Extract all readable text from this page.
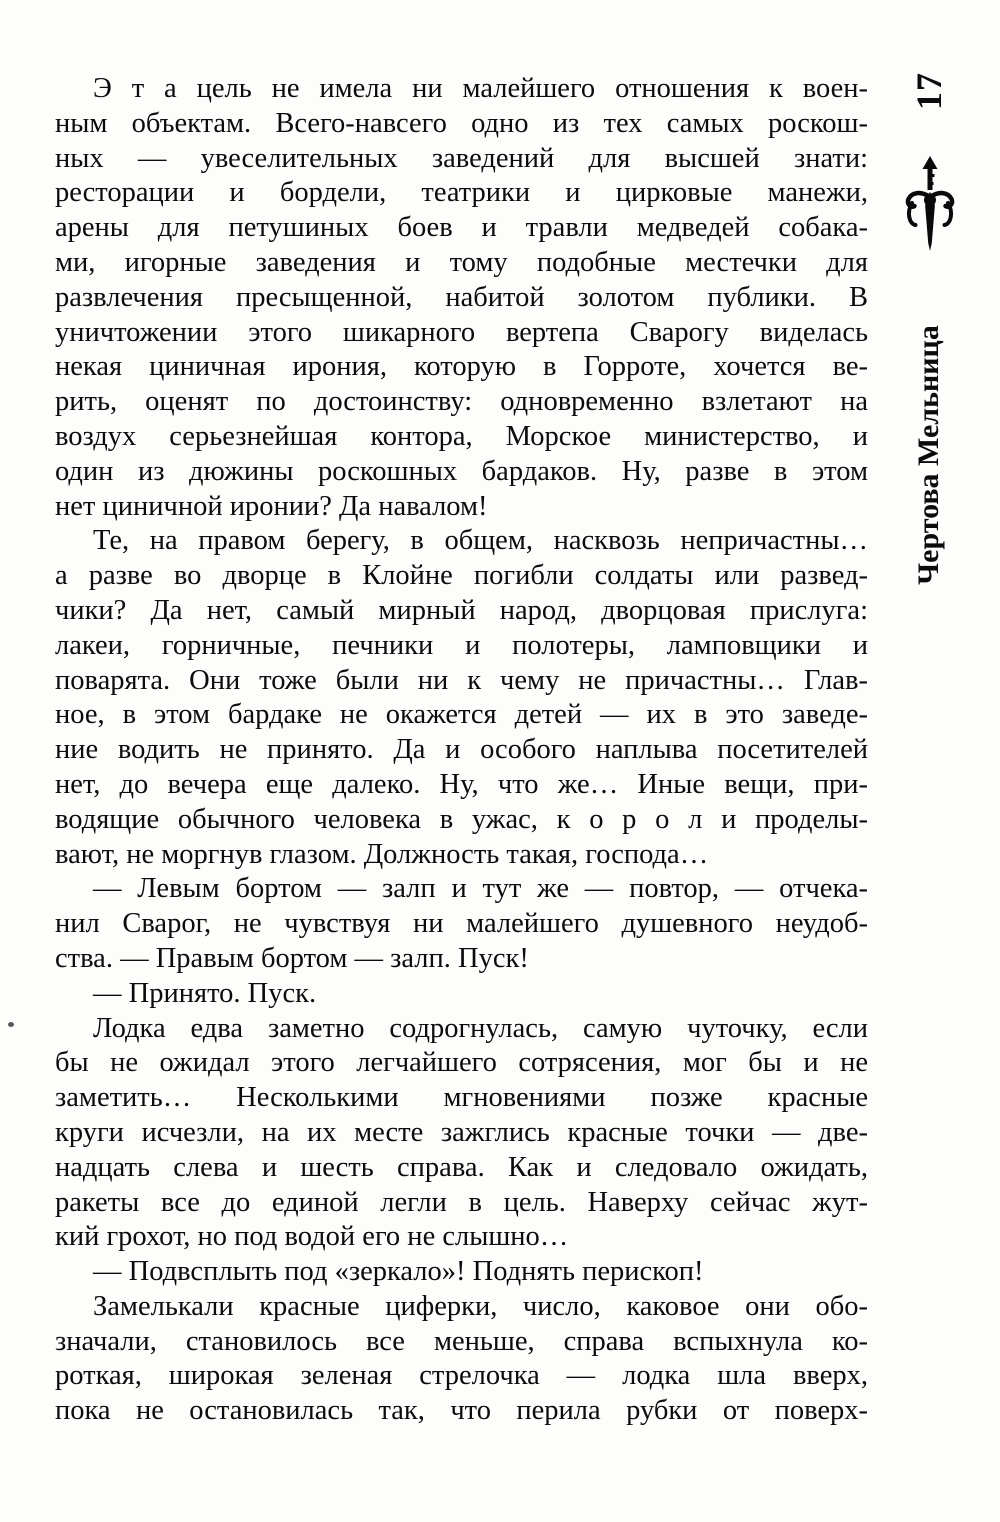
Э т а цель не имела ни малейшего отношения к воен-
ным объектам. Всего-навсего одно из тех самых роскош-
ных — увеселительных заведений для высшей знати:
ресторации и бордели, театрики и цирковые манежи,
арены для петушиных боев и травли медведей собака-
ми, игорные заведения и тому подобные местечки для
развлечения пресыщенной, набитой золотом публики. В
уничтожении этого шикарного вертепа Сварогу виделась
некая циничная ирония, которую в Горроте, хочется ве-
рить, оценят по достоинству: одновременно взлетают на
воздух серьезнейшая контора, Морское министерство, и
один из дюжины роскошных бардаков. Ну, разве в этом
нет циничной иронии? Да навалом!
Те, на правом берегу, в общем, насквозь непричастны…
а разве во дворце в Клойне погибли солдаты или развед-
чики? Да нет, самый мирный народ, дворцовая прислуга:
лакеи, горничные, печники и полотеры, ламповщики и
поварята. Они тоже были ни к чему не причастны… Глав-
ное, в этом бардаке не окажется детей — их в это заведе-
ние водить не принято. Да и особого наплыва посетителей
нет, до вечера еще далеко. Ну, что же… Иные вещи, при-
водящие обычного человека в ужас, к о р о л и проделы-
вают, не моргнув глазом. Должность такая, господа…
— Левым бортом — залп и тут же — повтор, — отчека-
нил Сварог, не чувствуя ни малейшего душевного неудоб-
ства. — Правым бортом — залп. Пуск!
— Принято. Пуск.
Лодка едва заметно содрогнулась, самую чуточку, если
бы не ожидал этого легчайшего сотрясения, мог бы и не
заметить… Несколькими мгновениями позже красные
круги исчезли, на их месте зажглись красные точки — две-
надцать слева и шесть справа. Как и следовало ожидать,
ракеты все до единой легли в цель. Наверху сейчас жут-
кий грохот, но под водой его не слышно…
— Подвсплыть под «зеркало»! Поднять перископ!
Замелькали красные циферки, число, каковое они обо-
значали, становилось все меньше, справа вспыхнула ко-
роткая, широкая зеленая стрелочка — лодка шла вверх,
пока не остановилась так, что перила рубки от поверх-
17
Чертова Мельница
